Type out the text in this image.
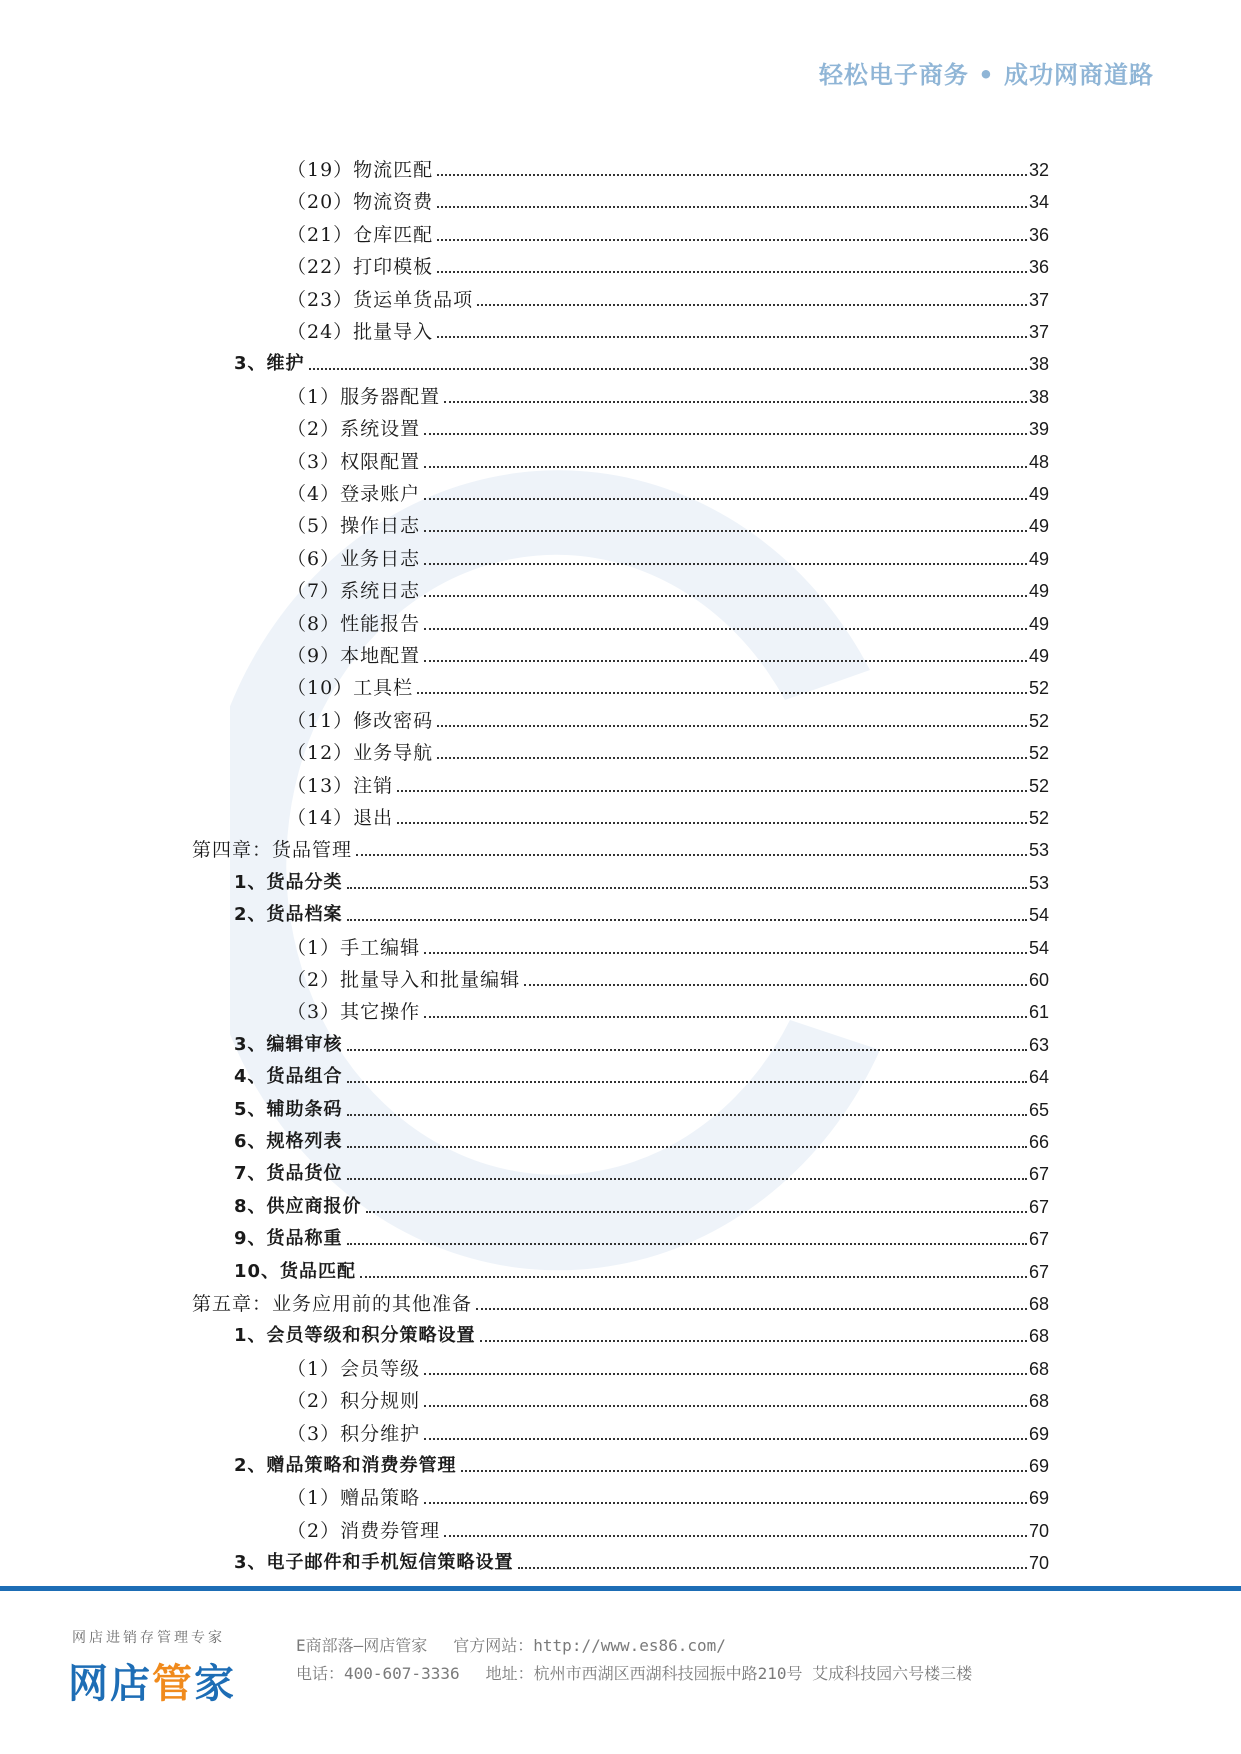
轻松电子商务 • 成功网商道路
（19）物流匹配	32
（20）物流资费	34
（21）仓库匹配	36
（22）打印模板	36
（23）货运单货品项	37
（24）批量导入	37
3、维护	38
（1）服务器配置	38
（2）系统设置	39
（3）权限配置	48
（4）登录账户	49
（5）操作日志	49
（6）业务日志	49
（7）系统日志	49
（8）性能报告	49
（9）本地配置	49
（10）工具栏	52
（11）修改密码	52
（12）业务导航	52
（13）注销	52
（14）退出	52
第四章：货品管理	53
1、货品分类	53
2、货品档案	54
（1）手工编辑	54
（2）批量导入和批量编辑	60
（3）其它操作	61
3、编辑审核	63
4、货品组合	64
5、辅助条码	65
6、规格列表	66
7、货品货位	67
8、供应商报价	67
9、货品称重	67
10、货品匹配	67
第五章：业务应用前的其他准备	68
1、会员等级和积分策略设置	68
（1）会员等级	68
（2）积分规则	68
（3）积分维护	69
2、赠品策略和消费券管理	69
（1）赠品策略	69
（2）消费券管理	70
3、电子邮件和手机短信策略设置	70
网店进销存管理专家
网店管家
E商部落—网店管家 官方网站：http://www.es86.com/
电话：400-607-3336 地址：杭州市西湖区西湖科技园振中路210号 艾成科技园六号楼三楼
